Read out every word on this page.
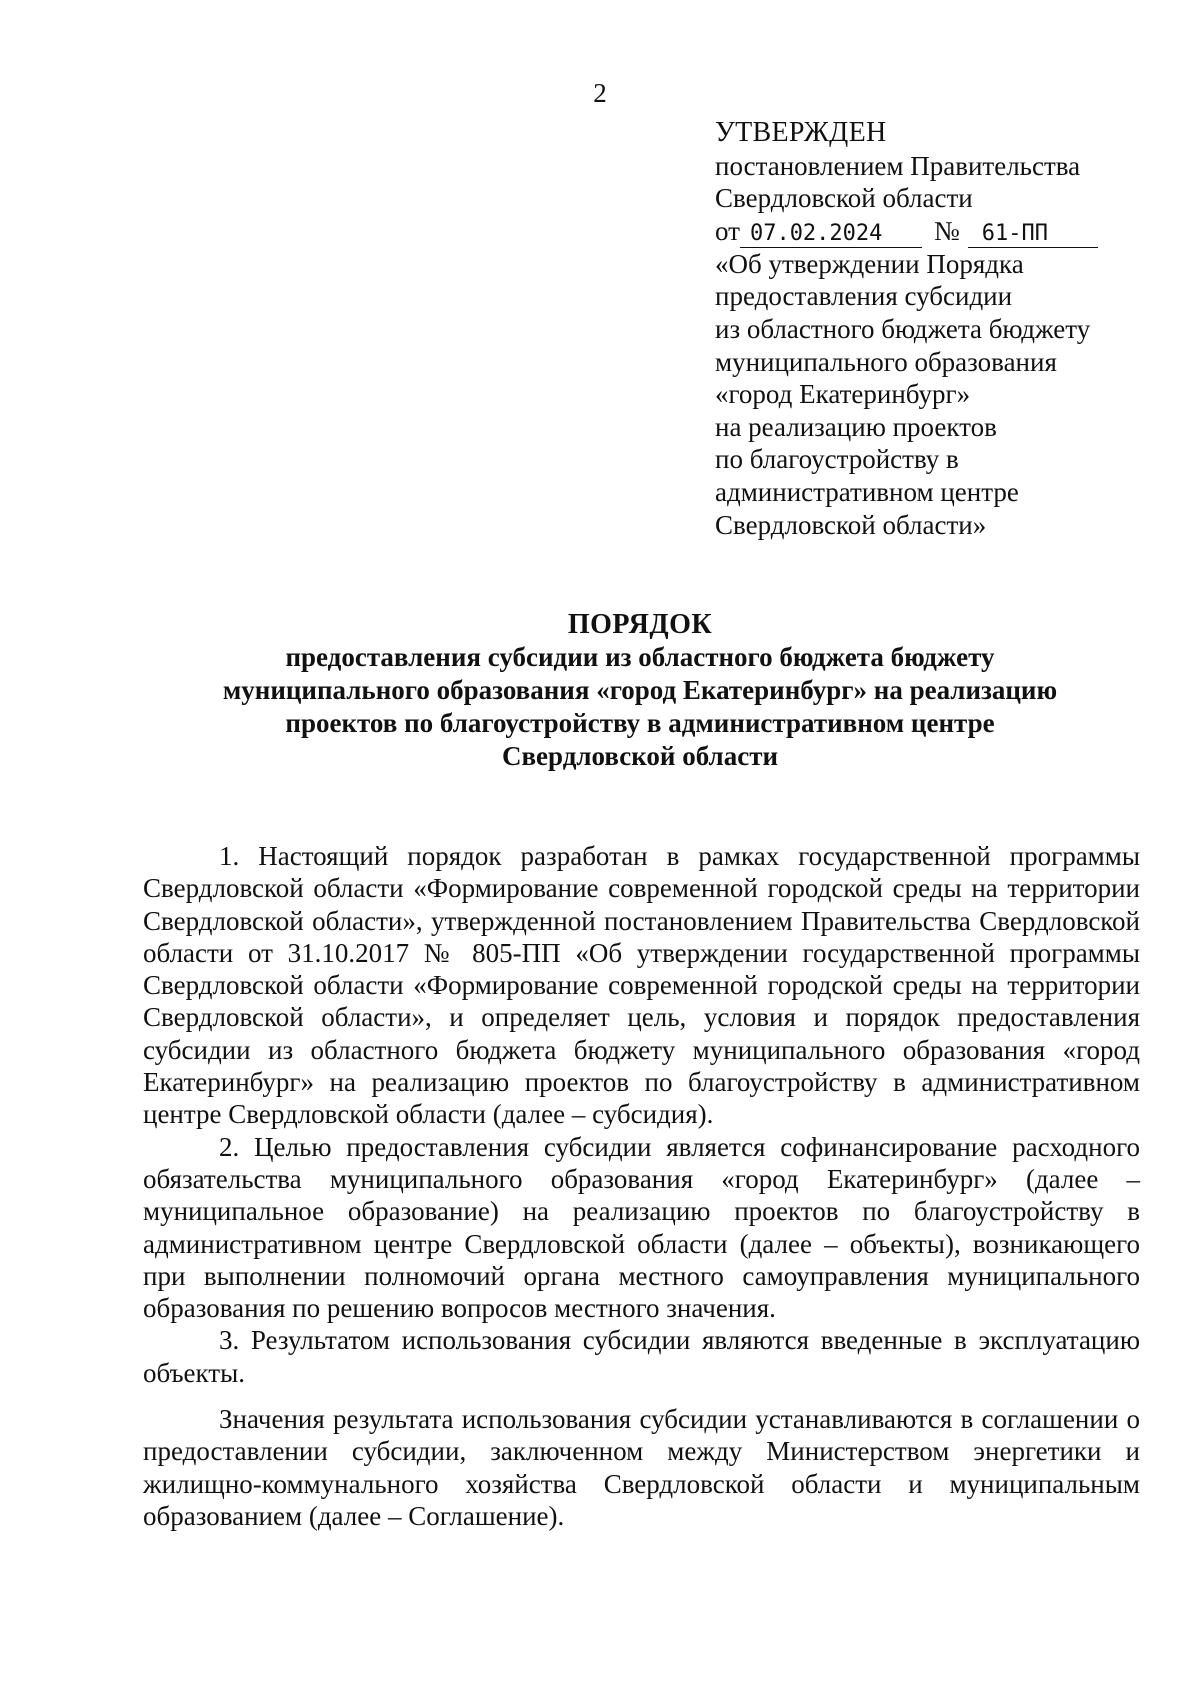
2
УТВЕРЖДЕН
постановлением Правительства
Свердловской области
от 07.02.2024	№	61-ПП
«Об утверждении Порядка
предоставления субсидии
из областного бюджета бюджету
муниципального образования
«город Екатеринбург»
на реализацию проектов
по благоустройству в
административном центре
Свердловской области»
ПОРЯДОК
предоставления субсидии из областного бюджета бюджету
муниципального образования «город Екатеринбург» на реализацию
проектов по благоустройству в административном центре
Свердловской области

1. Настоящий порядок разработан в рамках государственной программы Свердловской области «Формирование современной городской среды на территории Свердловской области», утвержденной постановлением Правительства Свердловской области от 31.10.2017 № 805-ПП «Об утверждении государственной программы Свердловской области «Формирование современной городской среды на территории Свердловской области», и определяет цель, условия и порядок предоставления субсидии из областного бюджета бюджету муниципального образования «город Екатеринбург» на реализацию проектов по благоустройству в административном центре Свердловской области (далее – субсидия).

2. Целью предоставления субсидии является софинансирование расходного обязательства муниципального образования «город Екатеринбург» (далее – муниципальное образование) на реализацию проектов по благоустройству в административном центре Свердловской области (далее – объекты), возникающего при выполнении полномочий органа местного самоуправления муниципального образования по решению вопросов местного значения.

3. Результатом использования субсидии являются введенные в эксплуатацию объекты.

Значения результата использования субсидии устанавливаются в соглашении о предоставлении субсидии, заключенном между Министерством энергетики и жилищно-коммунального хозяйства Свердловской области и муниципальным образованием (далее – Соглашение).
